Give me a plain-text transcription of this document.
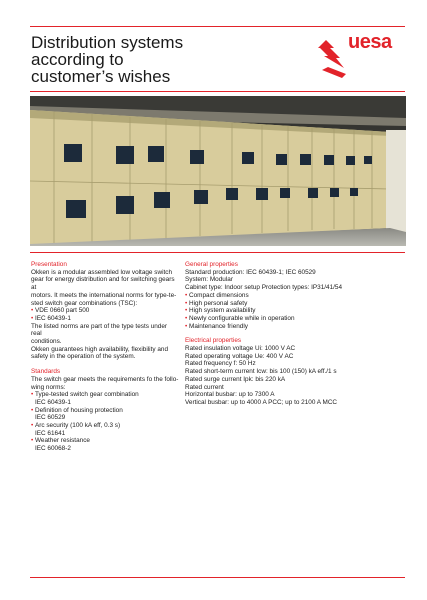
Distribution systems
according to
customer’s wishes
uesa
Presentation
Okken is a modular assembled low voltage switch
gear for energy distribution and for switching gears at
motors. It meets the international norms for type-te-
sted switch gear combinations (TSC):
• VDE 0660 part 500
• IEC 60439-1
The listed norms are part of the type tests under real
conditions.
Okken guarantees high availability, flexibility and
safety in the operation of the system.
Standards
The switch gear meets the requirements fo the follo-
wing norms:
• Type-tested switch gear combination
IEC 60439-1
• Definition of housing protection
IEC 60529
• Arc security (100 kA eff, 0.3 s)
IEC 61641
• Weather resistance
IEC 60068-2
General properties
Standard production: IEC 60439-1; IEC 60529
System: Modular
Cabinet type: Indoor setup Protection types: IP31/41/54
• Compact dimensions
• High personal safety
• High system availability
• Newly configurable while in operation
• Maintenance friendly
Electrical properties
Rated insulation voltage Ui: 1000 V AC
Rated operating voltage Ue: 400 V AC
Rated frequency f: 50 Hz
Rated short-term current Icw: bis 100 (150) kA eff./1 s
Rated surge current Ipk: bis 220 kA
Rated current
Horizontal busbar: up to 7300 A
Vertical busbar: up to 4000 A PCC; up to 2100 A MCC
